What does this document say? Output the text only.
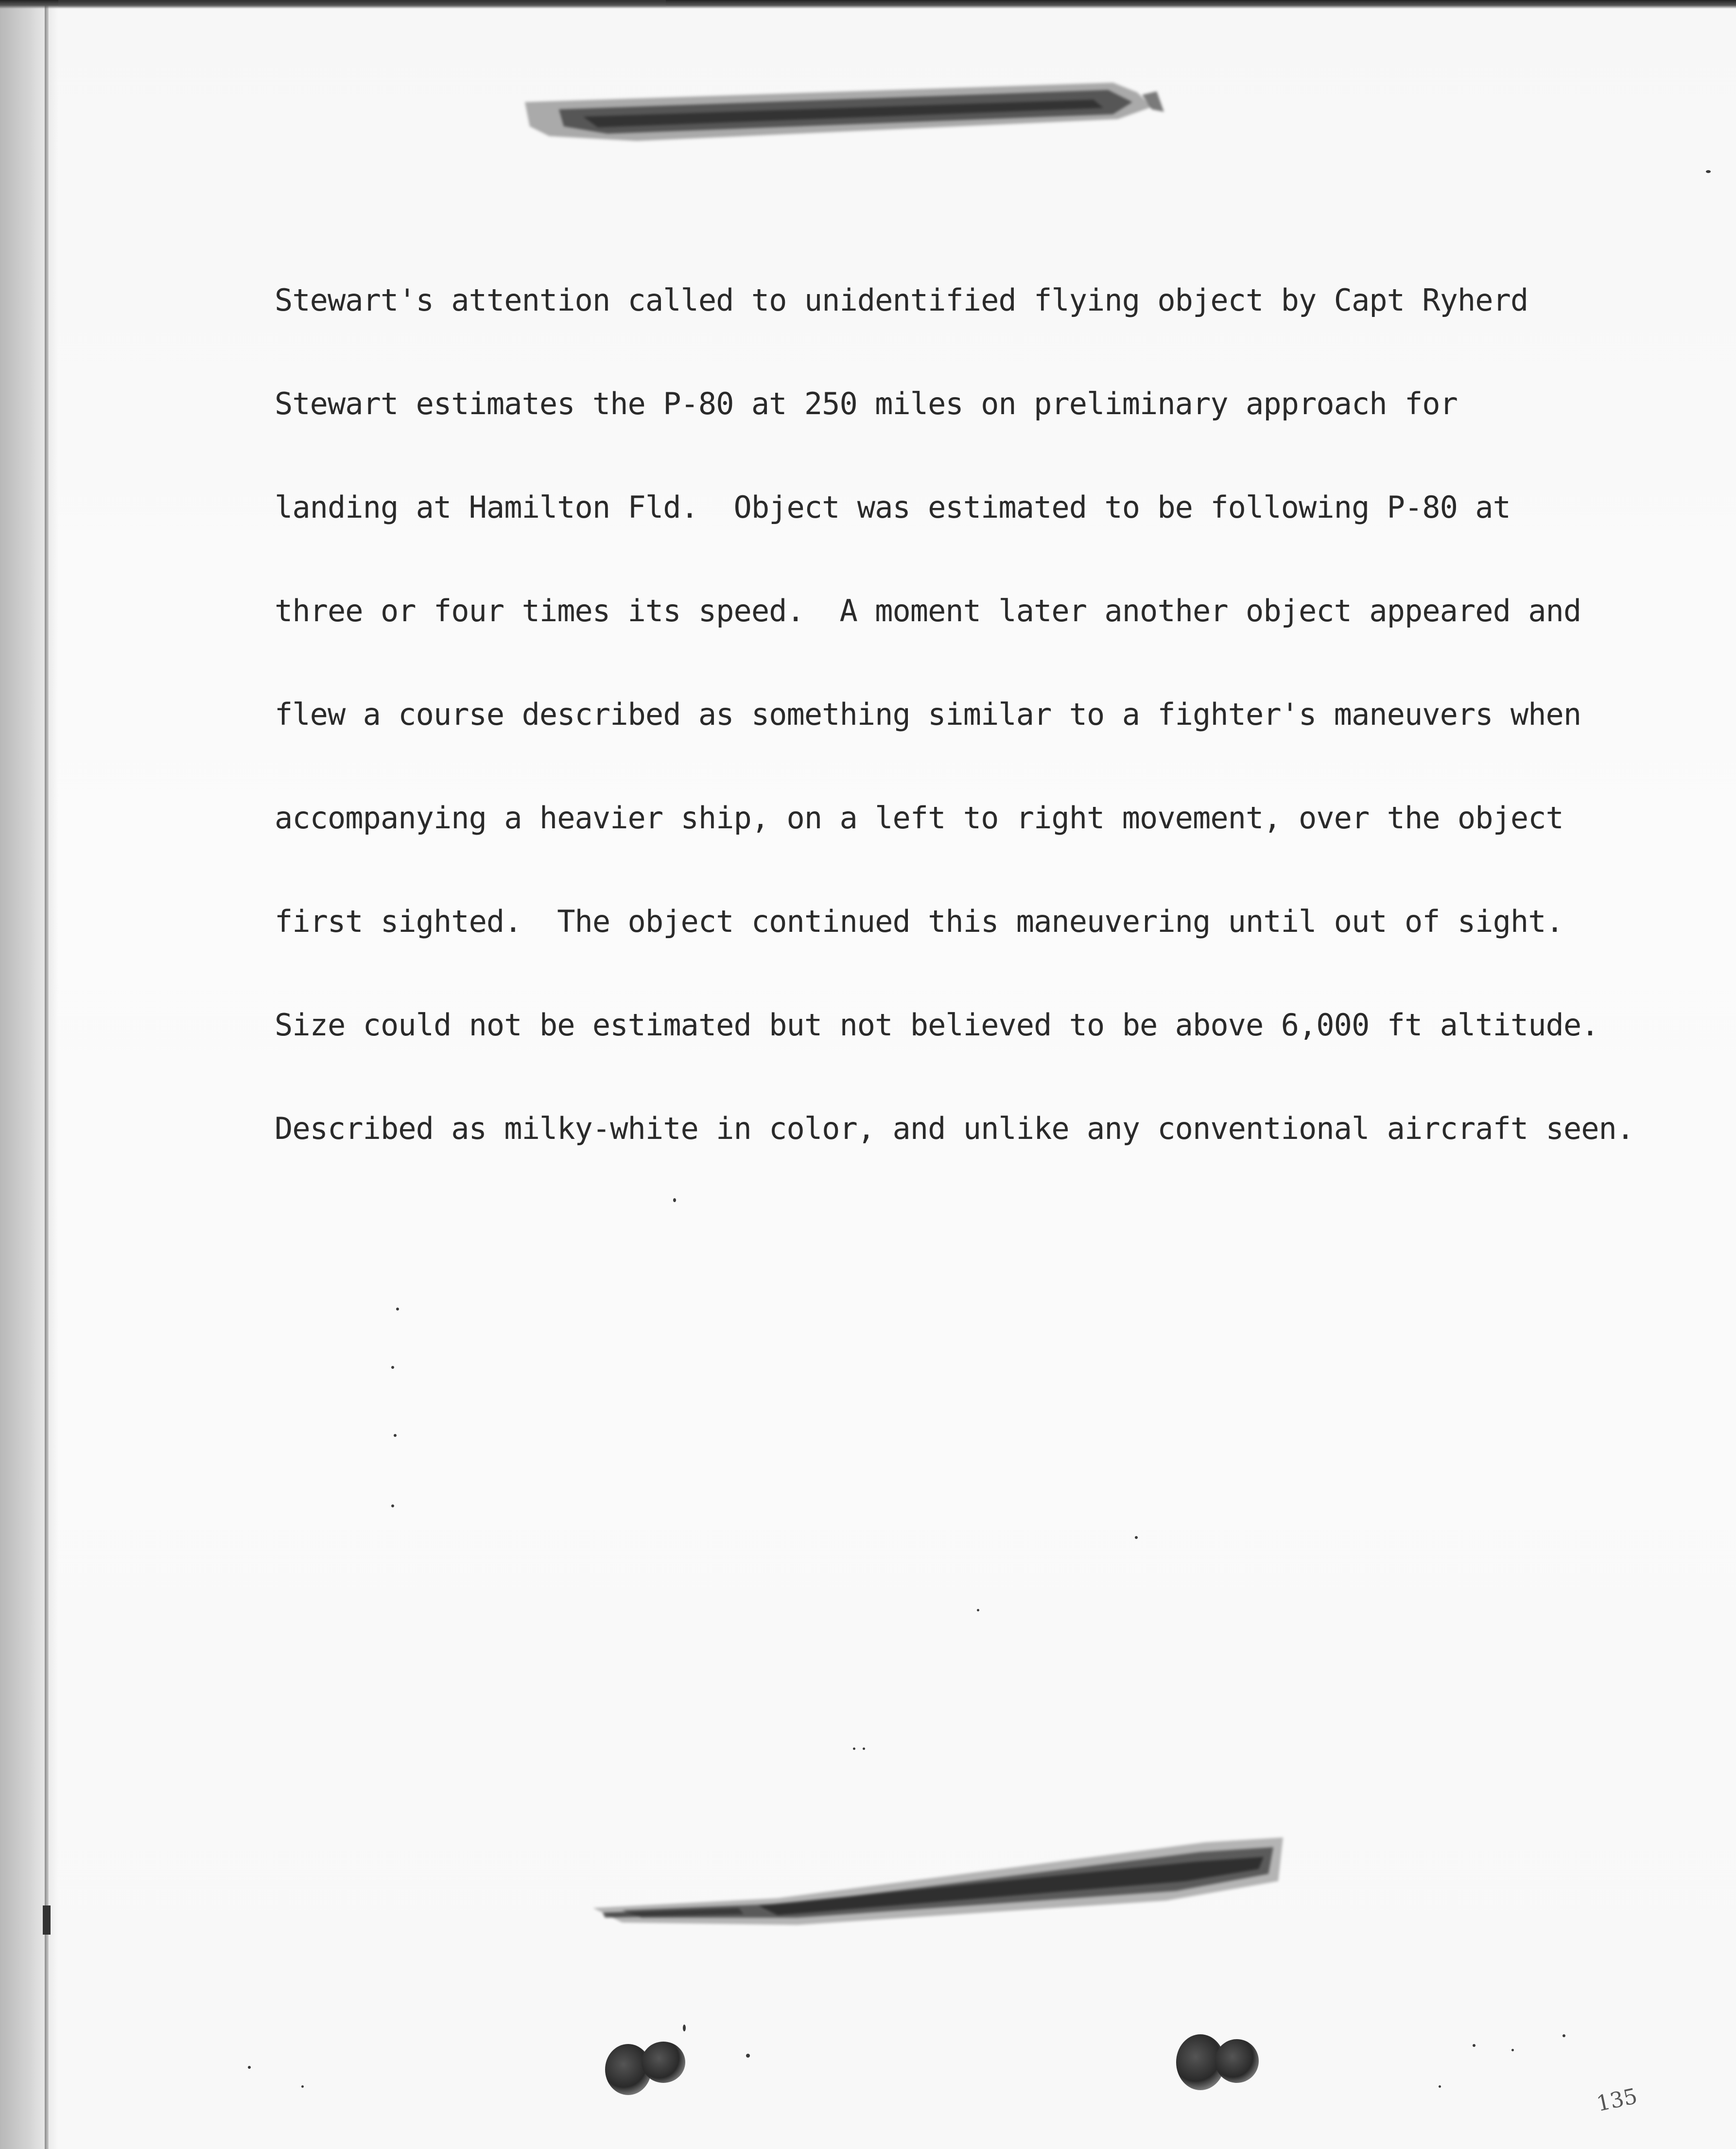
Stewart's attention called to unidentified flying object by Capt Ryherd

Stewart estimates the P-80 at 250 miles on preliminary approach for

landing at Hamilton Fld.  Object was estimated to be following P-80 at

three or four times its speed.  A moment later another object appeared and

flew a course described as something similar to a fighter's maneuvers when

accompanying a heavier ship, on a left to right movement, over the object

first sighted.  The object continued this maneuvering until out of sight.

Size could not be estimated but not believed to be above 6,000 ft altitude.

Described as milky-white in color, and unlike any conventional aircraft seen.

135
